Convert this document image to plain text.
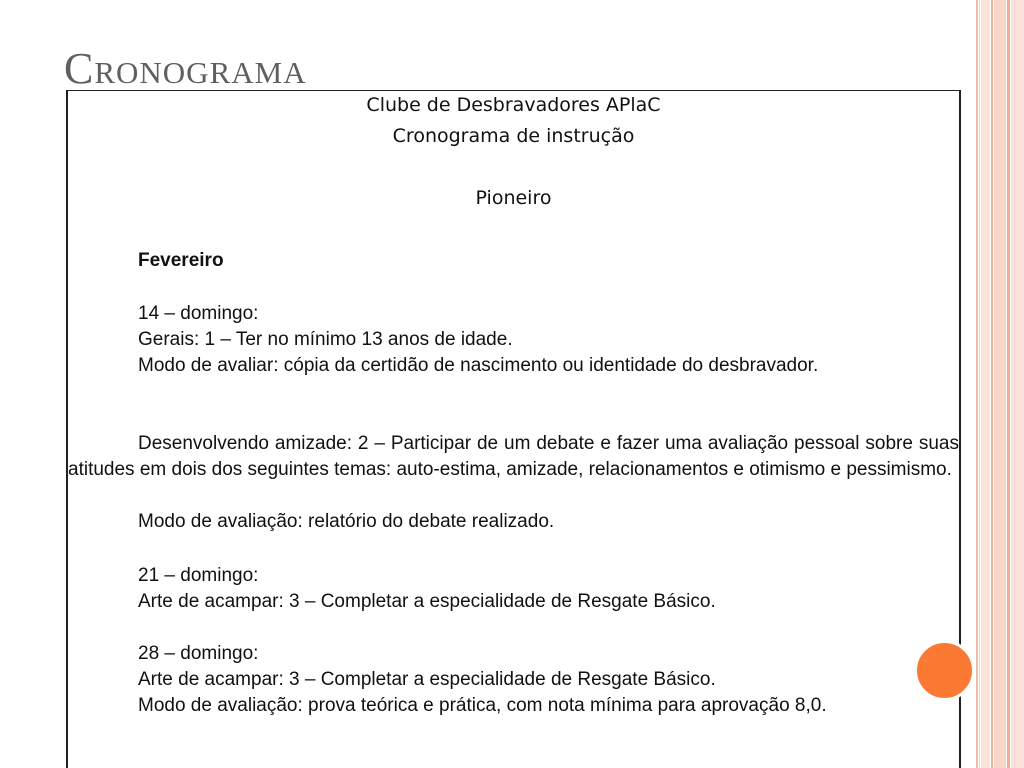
Cronograma
Clube de Desbravadores APlaC
Cronograma de instrução
Pioneiro

Fevereiro

14 – domingo:

Gerais: 1 – Ter no mínimo 13 anos de idade.

Modo de avaliar: cópia da certidão de nascimento ou identidade do desbravador.

Desenvolvendo amizade: 2 – Participar de um debate e fazer uma avaliação pessoal sobre suas atitudes em dois dos seguintes temas: auto-estima, amizade, relacionamentos e otimismo e pessimismo.

Modo de avaliação: relatório do debate realizado.

21 – domingo:

Arte de acampar: 3 – Completar a especialidade de Resgate Básico.

28 – domingo:

Arte de acampar: 3 – Completar a especialidade de Resgate Básico.

Modo de avaliação: prova teórica e prática, com nota mínima para aprovação 8,0.
